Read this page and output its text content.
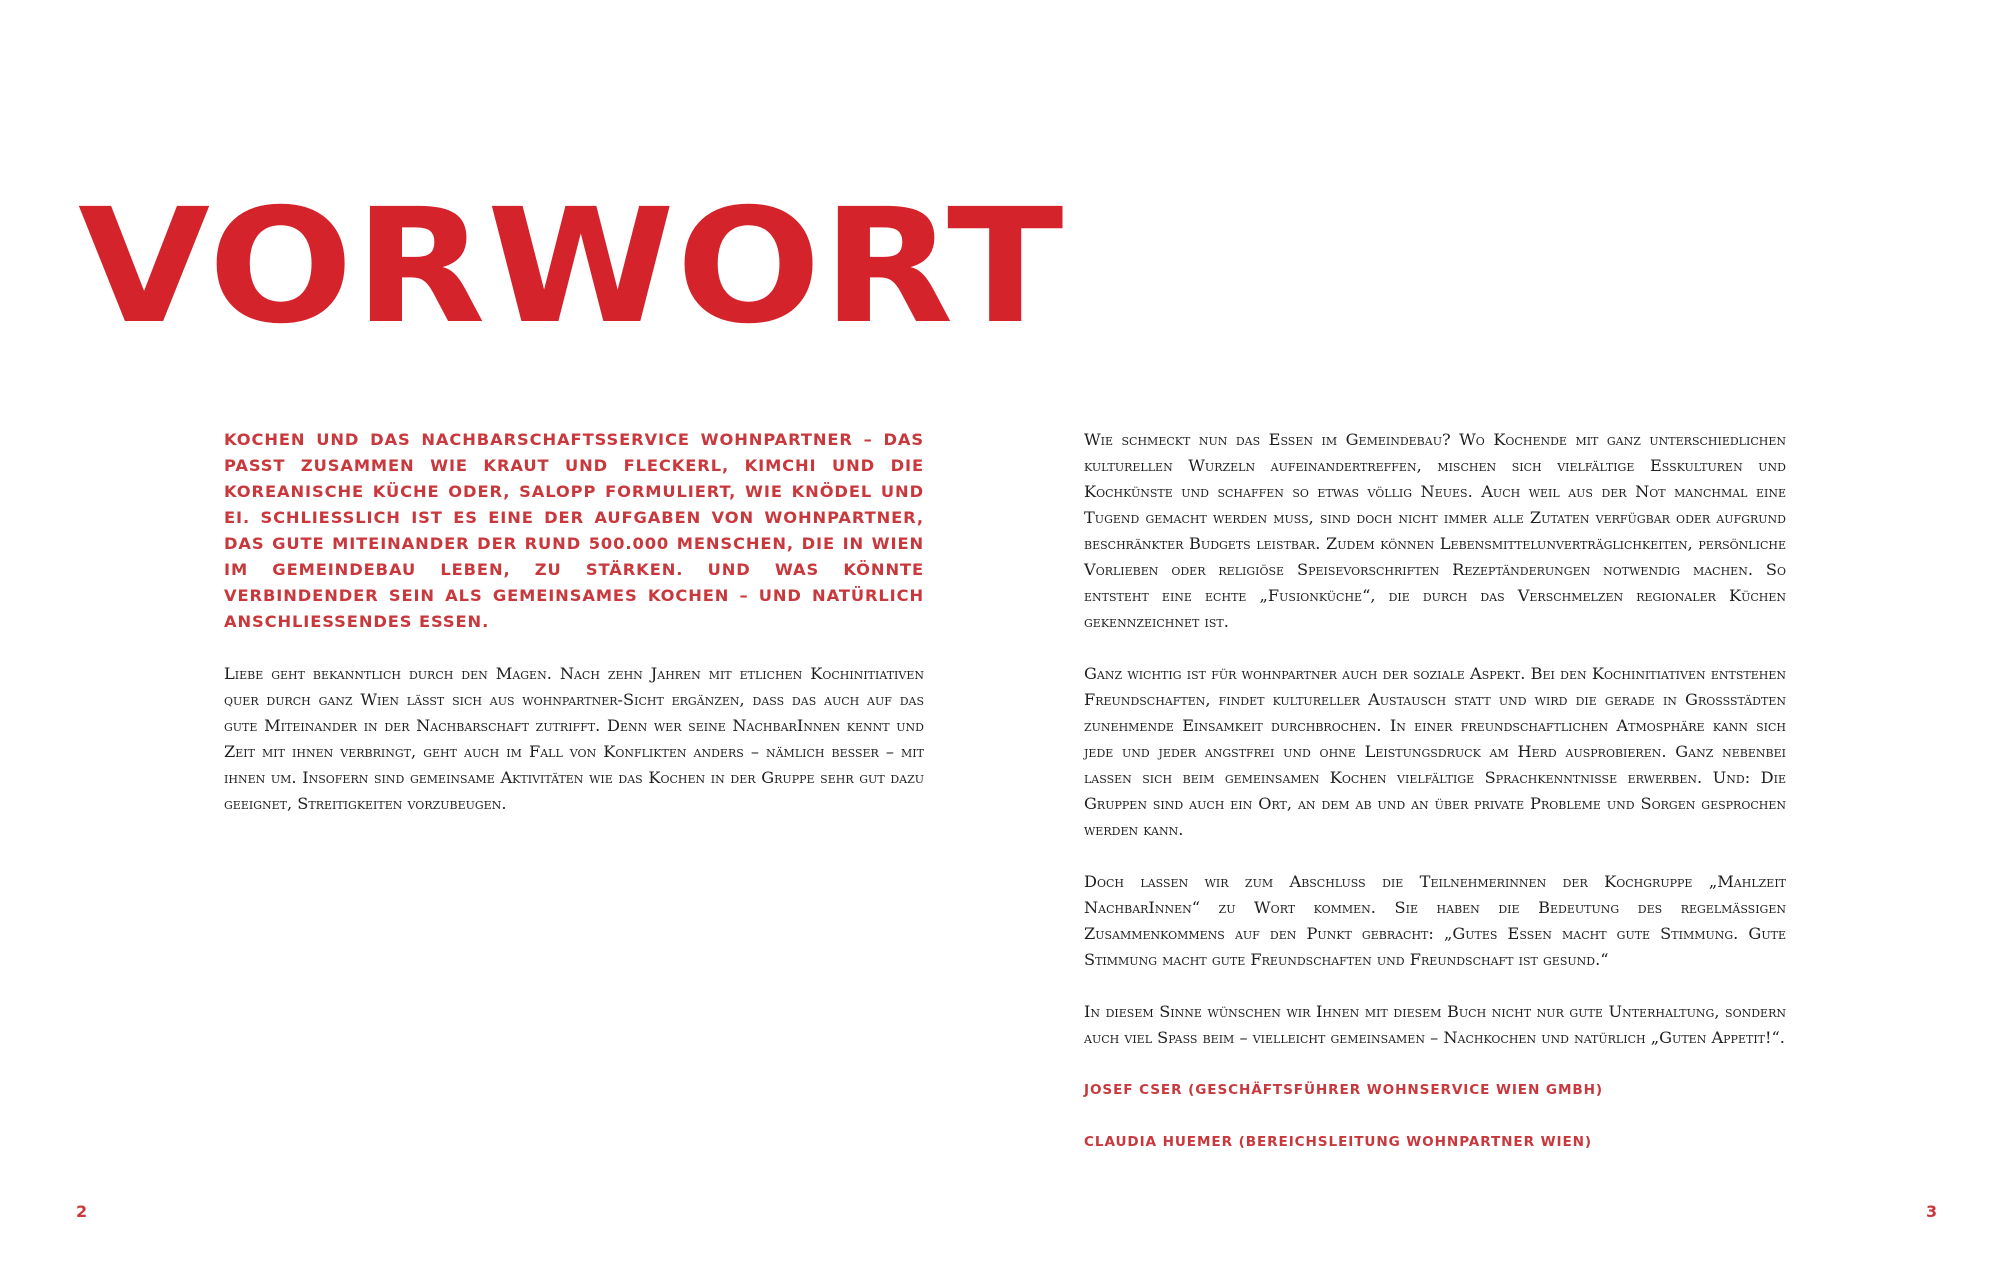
VORWORT

KOCHEN UND DAS NACHBARSCHAFTSSERVICE WOHNPARTNER – DAS PASST ZUSAMMEN WIE KRAUT UND FLECKERL, KIMCHI UND DIE KOREANISCHE KÜCHE ODER, SALOPP FORMULIERT, WIE KNÖDEL UND EI. SCHLIESSLICH IST ES EINE DER AUFGABEN VON WOHNPARTNER, DAS GUTE MITEINANDER DER RUND 500.000 MENSCHEN, DIE IN WIEN IM GEMEINDEBAU LEBEN, ZU STÄRKEN. UND WAS KÖNNTE VERBINDENDER SEIN ALS GEMEINSAMES KOCHEN – UND NATÜRLICH ANSCHLIESSENDES ESSEN.

Liebe geht bekanntlich durch den Magen. Nach zehn Jahren mit etlichen Kochinitiativen quer durch ganz Wien lässt sich aus wohnpartner-Sicht ergänzen, dass das auch auf das gute Miteinander in der Nachbarschaft zutrifft. Denn wer seine NachbarInnen kennt und Zeit mit ihnen verbringt, geht auch im Fall von Konflikten anders – nämlich besser – mit ihnen um. Insofern sind gemeinsame Aktivitäten wie das Kochen in der Gruppe sehr gut dazu geeignet, Streitigkeiten vorzubeugen.

Wie schmeckt nun das Essen im Gemeindebau? Wo Kochende mit ganz unterschiedlichen kulturellen Wurzeln aufeinandertreffen, mischen sich vielfältige Esskulturen und Kochkünste und schaffen so etwas völlig Neues. Auch weil aus der Not manchmal eine Tugend gemacht werden muss, sind doch nicht immer alle Zutaten verfügbar oder aufgrund beschränkter Budgets leistbar. Zudem können Lebensmittelunverträglichkeiten, persönliche Vorlieben oder religiöse Speisevorschriften Rezeptänderungen notwendig machen. So entsteht eine echte „Fusionküche“, die durch das Verschmelzen regionaler Küchen gekennzeichnet ist.

Ganz wichtig ist für wohnpartner auch der soziale Aspekt. Bei den Kochinitiativen entstehen Freundschaften, findet kultureller Austausch statt und wird die gerade in Großstädten zunehmende Einsamkeit durchbrochen. In einer freundschaftlichen Atmosphäre kann sich jede und jeder angstfrei und ohne Leistungsdruck am Herd ausprobieren. Ganz nebenbei lassen sich beim gemeinsamen Kochen vielfältige Sprachkenntnisse erwerben. Und: Die Gruppen sind auch ein Ort, an dem ab und an über private Probleme und Sorgen gesprochen werden kann.

Doch lassen wir zum Abschluss die Teilnehmerinnen der Kochgruppe „Mahlzeit NachbarInnen“ zu Wort kommen. Sie haben die Bedeutung des regelmäßigen Zusammenkommens auf den Punkt gebracht: „Gutes Essen macht gute Stimmung. Gute Stimmung macht gute Freundschaften und Freundschaft ist gesund.“

In diesem Sinne wünschen wir Ihnen mit diesem Buch nicht nur gute Unterhaltung, sondern auch viel Spaß beim – vielleicht gemeinsamen – Nachkochen und natürlich „Guten Appetit!“.

JOSEF CSER (GESCHÄFTSFÜHRER WOHNSERVICE WIEN GMBH)

CLAUDIA HUEMER (BEREICHSLEITUNG WOHNPARTNER WIEN)

2	3
